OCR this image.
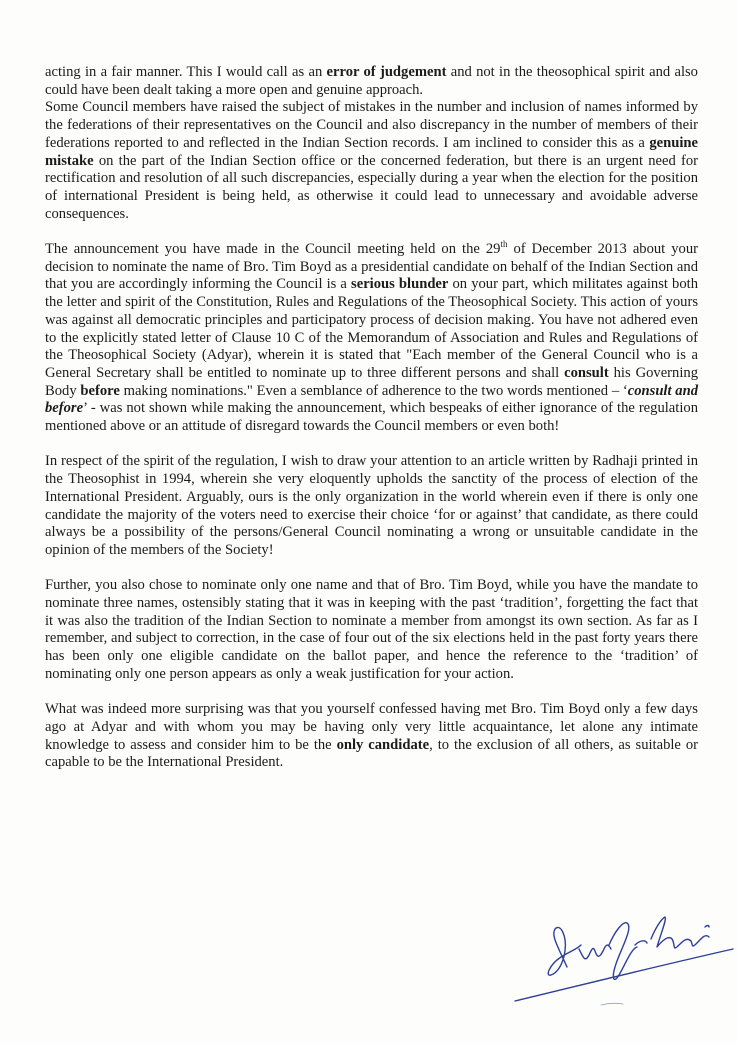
acting in a fair manner. This I would call as an error of judgement and not in the theosophical spirit and also could have been dealt taking a more open and genuine approach.

Some Council members have raised the subject of mistakes in the number and inclusion of names informed by the federations of their representatives on the Council and also discrepancy in the number of members of their federations reported to and reflected in the Indian Section records. I am inclined to consider this as a genuine mistake on the part of the Indian Section office or the concerned federation, but there is an urgent need for rectification and resolution of all such discrepancies, especially during a year when the election for the position of international President is being held, as otherwise it could lead to unnecessary and avoidable adverse consequences.

The announcement you have made in the Council meeting held on the 29th of December 2013 about your decision to nominate the name of Bro. Tim Boyd as a presidential candidate on behalf of the Indian Section and that you are accordingly informing the Council is a serious blunder on your part, which militates against both the letter and spirit of the Constitution, Rules and Regulations of the Theosophical Society. This action of yours was against all democratic principles and participatory process of decision making. You have not adhered even to the explicitly stated letter of Clause 10 C of the Memorandum of Association and Rules and Regulations of the Theosophical Society (Adyar), wherein it is stated that "Each member of the General Council who is a General Secretary shall be entitled to nominate up to three different persons and shall consult his Governing Body before making nominations." Even a semblance of adherence to the two words mentioned – ‘consult and before’ - was not shown while making the announcement, which bespeaks of either ignorance of the regulation mentioned above or an attitude of disregard towards the Council members or even both!

In respect of the spirit of the regulation, I wish to draw your attention to an article written by Radhaji printed in the Theosophist in 1994, wherein she very eloquently upholds the sanctity of the process of election of the International President. Arguably, ours is the only organization in the world wherein even if there is only one candidate the majority of the voters need to exercise their choice ‘for or against’ that candidate, as there could always be a possibility of the persons/General Council nominating a wrong or unsuitable candidate in the opinion of the members of the Society!

Further, you also chose to nominate only one name and that of Bro. Tim Boyd, while you have the mandate to nominate three names, ostensibly stating that it was in keeping with the past ‘tradition’, forgetting the fact that it was also the tradition of the Indian Section to nominate a member from amongst its own section. As far as I remember, and subject to correction, in the case of four out of the six elections held in the past forty years there has been only one eligible candidate on the ballot paper, and hence the reference to the ‘tradition’ of nominating only one person appears as only a weak justification for your action.

What was indeed more surprising was that you yourself confessed having met Bro. Tim Boyd only a few days ago at Adyar and with whom you may be having only very little acquaintance, let alone any intimate knowledge to assess and consider him to be the only candidate, to the exclusion of all others, as suitable or capable to be the International President.
